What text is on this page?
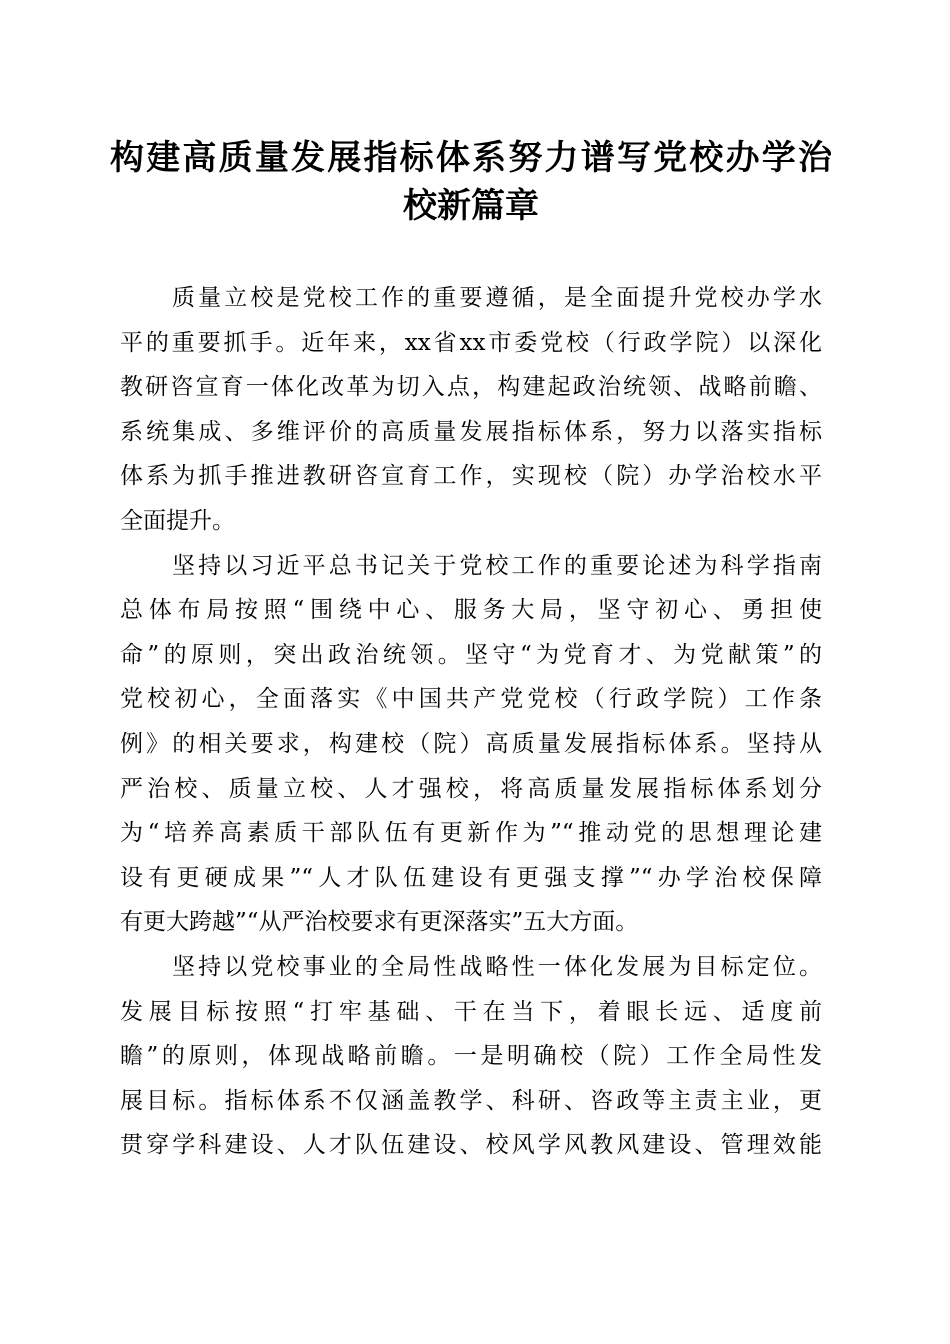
构建高质量发展指标体系努力谱写党校办学治
校新篇章
质量立校是党校工作的重要遵循，是全面提升党校办学水
平的重要抓手。近年来，xx省xx市委党校（行政学院）以深化
教研咨宣育一体化改革为切入点，构建起政治统领、战略前瞻、
系统集成、多维评价的高质量发展指标体系，努力以落实指标
体系为抓手推进教研咨宣育工作，实现校（院）办学治校水平
全面提升。
坚持以习近平总书记关于党校工作的重要论述为科学指南
总体布局按照“围绕中心、服务大局，坚守初心、勇担使
命”的原则，突出政治统领。坚守“为党育才、为党献策”的
党校初心，全面落实《中国共产党党校（行政学院）工作条
例》的相关要求，构建校（院）高质量发展指标体系。坚持从
严治校、质量立校、人才强校，将高质量发展指标体系划分
为“培养高素质干部队伍有更新作为”“推动党的思想理论建
设有更硬成果”“人才队伍建设有更强支撑”“办学治校保障
有更大跨越”“从严治校要求有更深落实”五大方面。
坚持以党校事业的全局性战略性一体化发展为目标定位。
发展目标按照“打牢基础、干在当下，着眼长远、适度前
瞻”的原则，体现战略前瞻。一是明确校（院）工作全局性发
展目标。指标体系不仅涵盖教学、科研、咨政等主责主业，更
贯穿学科建设、人才队伍建设、校风学风教风建设、管理效能
